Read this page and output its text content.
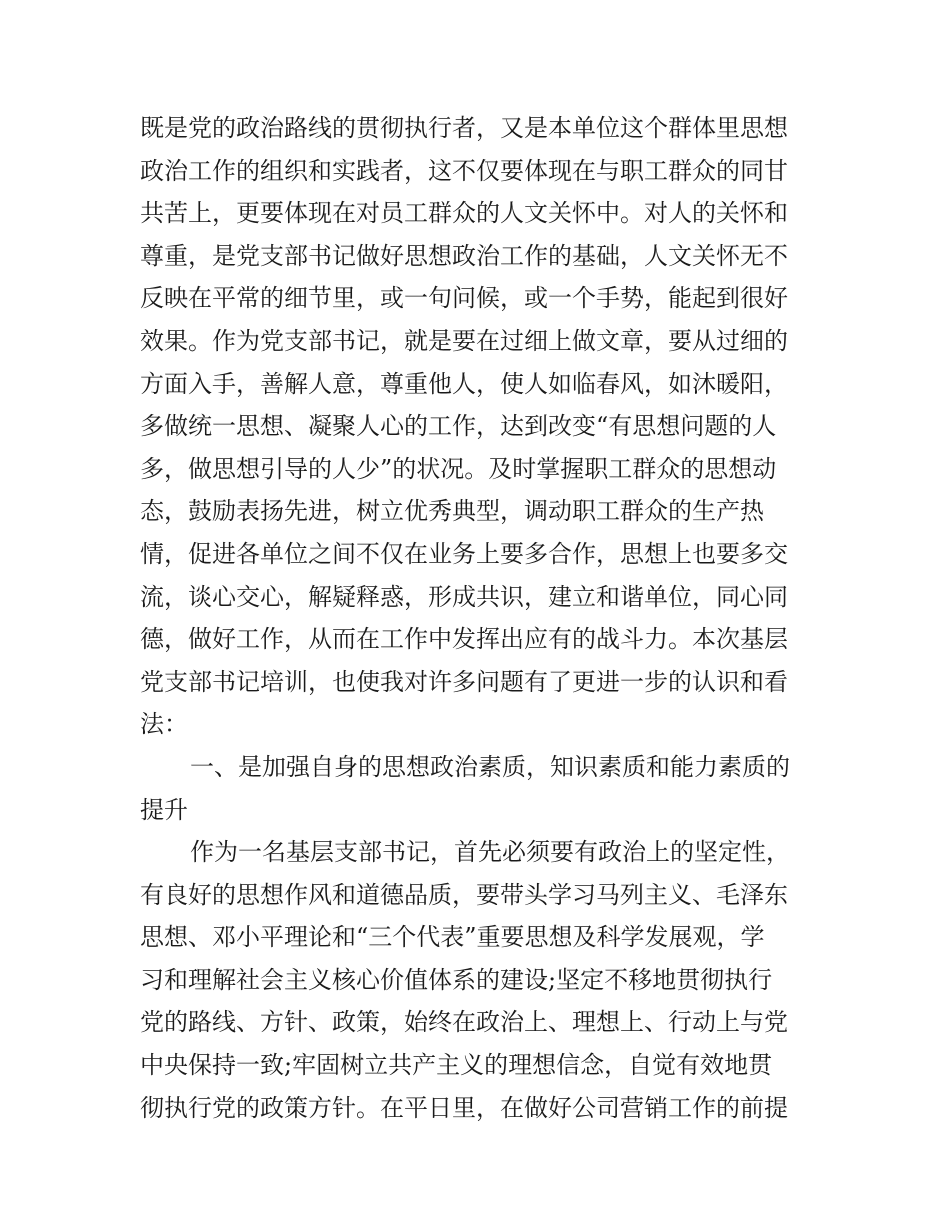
既是党的政治路线的贯彻执行者，又是本单位这个群体里思想
政治工作的组织和实践者，这不仅要体现在与职工群众的同甘
共苦上，更要体现在对员工群众的人文关怀中。对人的关怀和
尊重，是党支部书记做好思想政治工作的基础，人文关怀无不
反映在平常的细节里，或一句问候，或一个手势，能起到很好
效果。作为党支部书记，就是要在过细上做文章，要从过细的
方面入手，善解人意，尊重他人，使人如临春风，如沐暖阳，
多做统一思想、凝聚人心的工作，达到改变“有思想问题的人
多，做思想引导的人少”的状况。及时掌握职工群众的思想动
态，鼓励表扬先进，树立优秀典型，调动职工群众的生产热
情，促进各单位之间不仅在业务上要多合作，思想上也要多交
流，谈心交心，解疑释惑，形成共识，建立和谐单位，同心同
德，做好工作，从而在工作中发挥出应有的战斗力。本次基层
党支部书记培训，也使我对许多问题有了更进一步的认识和看
法：
一、是加强自身的思想政治素质，知识素质和能力素质的
提升
作为一名基层支部书记，首先必须要有政治上的坚定性，
有良好的思想作风和道德品质，要带头学习马列主义、毛泽东
思想、邓小平理论和“三个代表”重要思想及科学发展观，学
习和理解社会主义核心价值体系的建设;坚定不移地贯彻执行
党的路线、方针、政策，始终在政治上、理想上、行动上与党
中央保持一致;牢固树立共产主义的理想信念，自觉有效地贯
彻执行党的政策方针。在平日里，在做好公司营销工作的前提
